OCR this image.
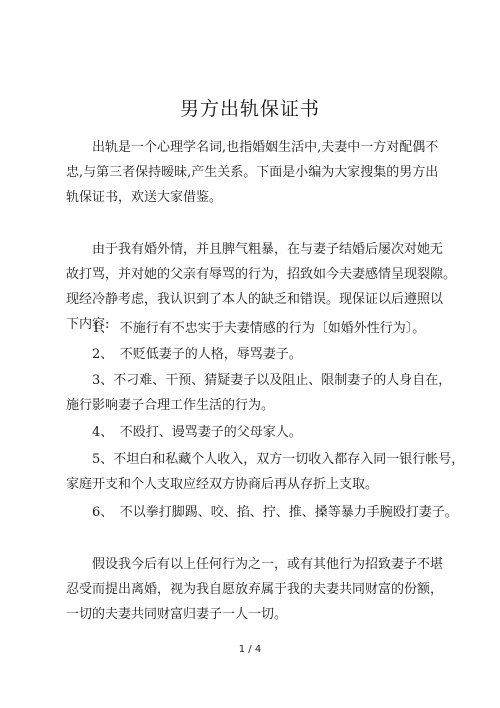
男方出轨保证书
出轨是一个心理学名词,也指婚姻生活中,夫妻中一方对配偶不
忠,与第三者保持暧昧,产生关系。下面是小编为大家搜集的男方出
轨保证书，欢送大家借鉴。
由于我有婚外情，并且脾气粗暴，在与妻子结婚后屡次对她无
故打骂，并对她的父亲有辱骂的行为，招致如今夫妻感情呈现裂隙。
现经冷静考虑，我认识到了本人的缺乏和错误。现保证以后遵照以
下内容:
1、　不施行有不忠实于夫妻情感的行为〔如婚外性行为〕。
2、　不贬低妻子的人格，辱骂妻子。
3、不刁难、干预、猜疑妻子以及阻止、限制妻子的人身自在，
施行影响妻子合理工作生活的行为。
4、　不殴打、谩骂妻子的父母家人。
5、不坦白和私藏个人收入，双方一切收入都存入同一银行帐号，
家庭开支和个人支取应经双方协商后再从存折上支取。
6、　不以拳打脚踢、咬、掐、拧、推、搡等暴力手腕殴打妻子。
假设我今后有以上任何行为之一，或有其他行为招致妻子不堪
忍受而提出离婚，视为我自愿放弃属于我的夫妻共同财富的份额，
一切的夫妻共同财富归妻子一人一切。
1 / 4
